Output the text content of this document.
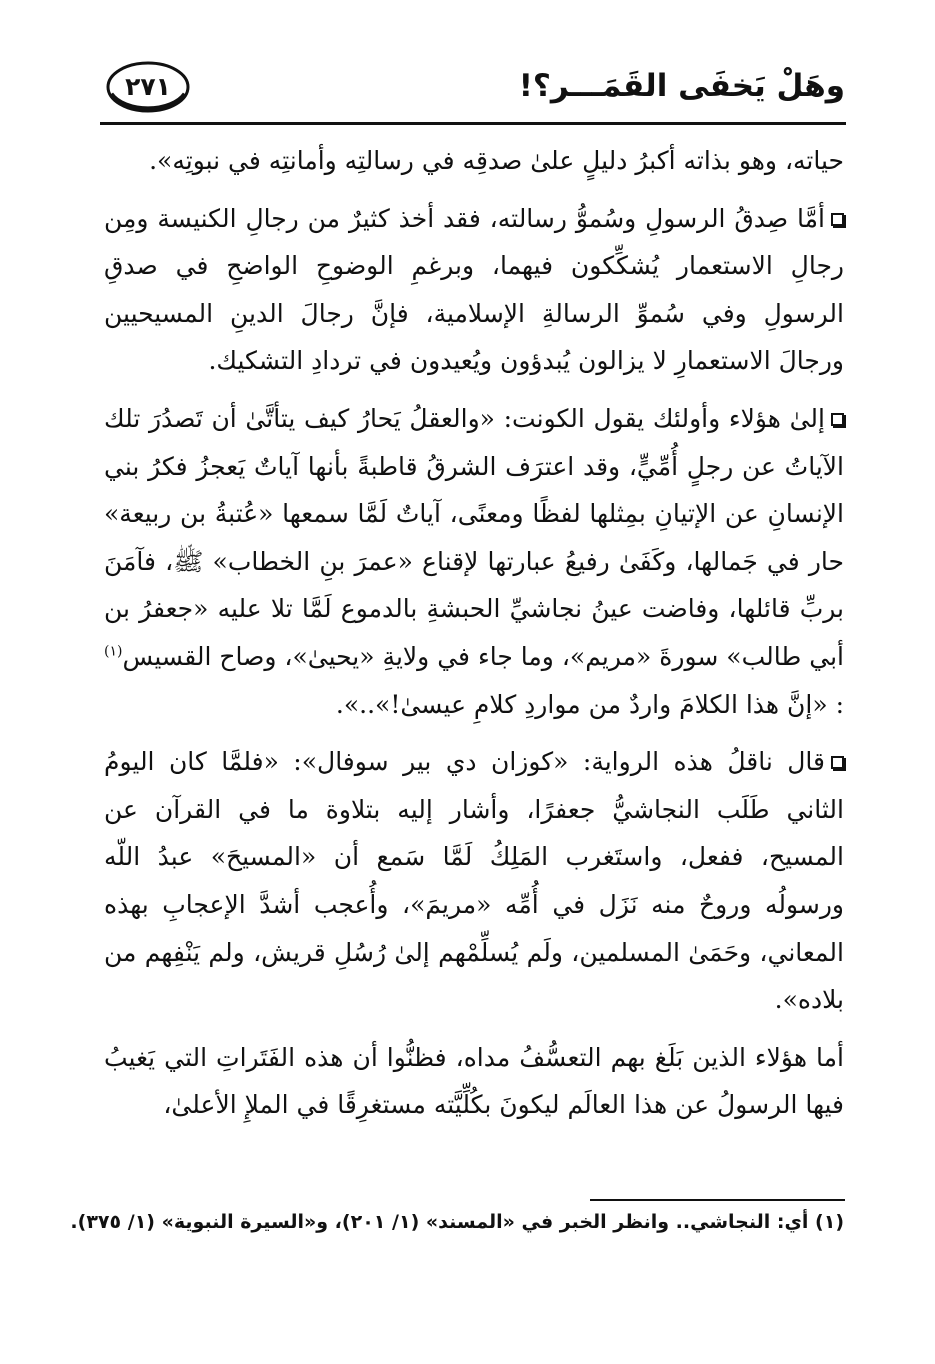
وهَلْ يَخفَى القَمَـــر؟!
٢٧١

حياته، وهو بذاته أكبرُ دليلٍ علىٰ صدقِه في رسالتِه وأمانتِه في نبوتِه».

أمَّا صِدقُ الرسولِ وسُموُّ رسالته، فقد أخذ كثيرٌ من رجالِ الكنيسة ومِن رجالِ الاستعمار يُشكِّكون فيهما، وبرغمِ الوضوحِ الواضحِ في صدقِ الرسولِ وفي سُموِّ الرسالةِ الإسلامية، فإنَّ رجالَ الدينِ المسيحيين ورجالَ الاستعمارِ لا يزالون يُبدؤون ويُعيدون في تردادِ التشكيك.

إلىٰ هؤلاء وأولئك يقول الكونت: «والعقلُ يَحارُ كيف يتأتَّىٰ أن تَصدُرَ تلك الآياتُ عن رجلٍ أُمِّيٍّ، وقد اعترَف الشرقُ قاطبةً بأنها آياتٌ يَعجزُ فكرُ بني الإنسانِ عن الإتيانِ بمِثلها لفظًا ومعنًى، آياتٌ لَمَّا سمعها «عُتبةُ بن ربيعة» حار في جَمالها، وكَفَىٰ رفيعُ عبارتها لإقناع «عمرَ بنِ الخطاب» ﷺ، فآمَنَ بربِّ قائلها، وفاضت عينُ نجاشيِّ الحبشةِ بالدموع لَمَّا تلا عليه «جعفرُ بن أبي طالب» سورةَ «مريم»، وما جاء في ولايةِ «يحيىٰ»، وصاح القسيس$^{(١)}$ : «إنَّ هذا الكلامَ واردٌ من مواردِ كلامِ عيسىٰ!»..».

قال ناقلُ هذه الرواية: «كوزان دي بير سوفال»: «فلمَّا كان اليومُ الثاني طَلَب النجاشيُّ جعفرًا، وأشار إليه بتلاوة ما في القرآن عن المسيح، ففعل، واستَغرب المَلِكُ لَمَّا سَمع أن «المسيحَ» عبدُ اللّه ورسولُه وروحٌ منه نَزَل في أُمِّه «مريمَ»، وأُعجب أشدَّ الإعجابِ بهذه المعاني، وحَمَىٰ المسلمين، ولَم يُسلِّمْهم إلىٰ رُسُلِ قريش، ولم يَنْفِهم من بلاده».

أما هؤلاء الذين بَلَغ بهم التعسُّفُ مداه، فظنُّوا أن هذه الفَتَراتِ التي يَغيبُ فيها الرسولُ عن هذا العالَم ليكونَ بكُلِّيَّته مستغرِقًا في الملإِ الأعلىٰ،

(١) أي: النجاشي.. وانظر الخبر في «المسند» (١/ ٢٠١)، و«السيرة النبوية» (١/ ٣٧٥).
